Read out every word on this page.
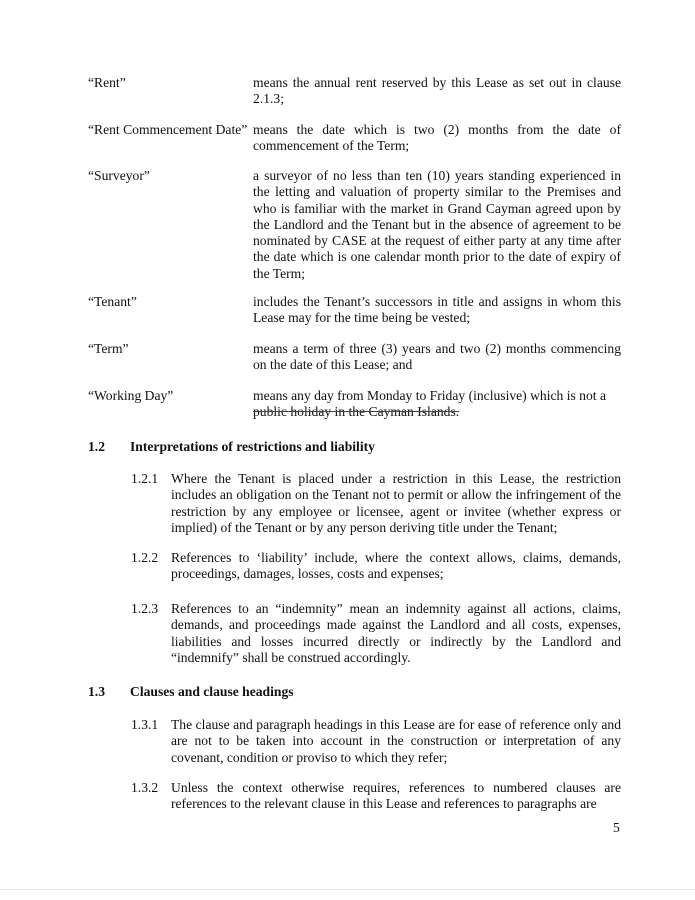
“Rent”	means the annual rent reserved by this Lease as set out in clause 2.1.3;
“Rent Commencement Date” means the date which is two (2) months from the date of commencement of the Term;
“Surveyor”	a surveyor of no less than ten (10) years standing experienced in the letting and valuation of property similar to the Premises and who is familiar with the market in Grand Cayman agreed upon by the Landlord and the Tenant but in the absence of agreement to be nominated by CASE at the request of either party at any time after the date which is one calendar month prior to the date of expiry of the Term;
“Tenant”	includes the Tenant’s successors in title and assigns in whom this Lease may for the time being be vested;
“Term”	means a term of three (3) years and two (2) months commencing on the date of this Lease; and
“Working Day”	means any day from Monday to Friday (inclusive) which is not a
public holiday in the Cayman Islands.
1.2 Interpretations of restrictions and liability
1.2.1 Where the Tenant is placed under a restriction in this Lease, the restriction includes an obligation on the Tenant not to permit or allow the infringement of the restriction by any employee or licensee, agent or invitee (whether express or implied) of the Tenant or by any person deriving title under the Tenant;
1.2.2 References to ‘liability’ include, where the context allows, claims, demands, proceedings, damages, losses, costs and expenses;
1.2.3 References to an “indemnity” mean an indemnity against all actions, claims, demands, and proceedings made against the Landlord and all costs, expenses, liabilities and losses incurred directly or indirectly by the Landlord and “indemnify” shall be construed accordingly.
1.3 Clauses and clause headings
1.3.1 The clause and paragraph headings in this Lease are for ease of reference only and are not to be taken into account in the construction or interpretation of any covenant, condition or proviso to which they refer;
1.3.2 Unless the context otherwise requires, references to numbered clauses are references to the relevant clause in this Lease and references to paragraphs are
5
